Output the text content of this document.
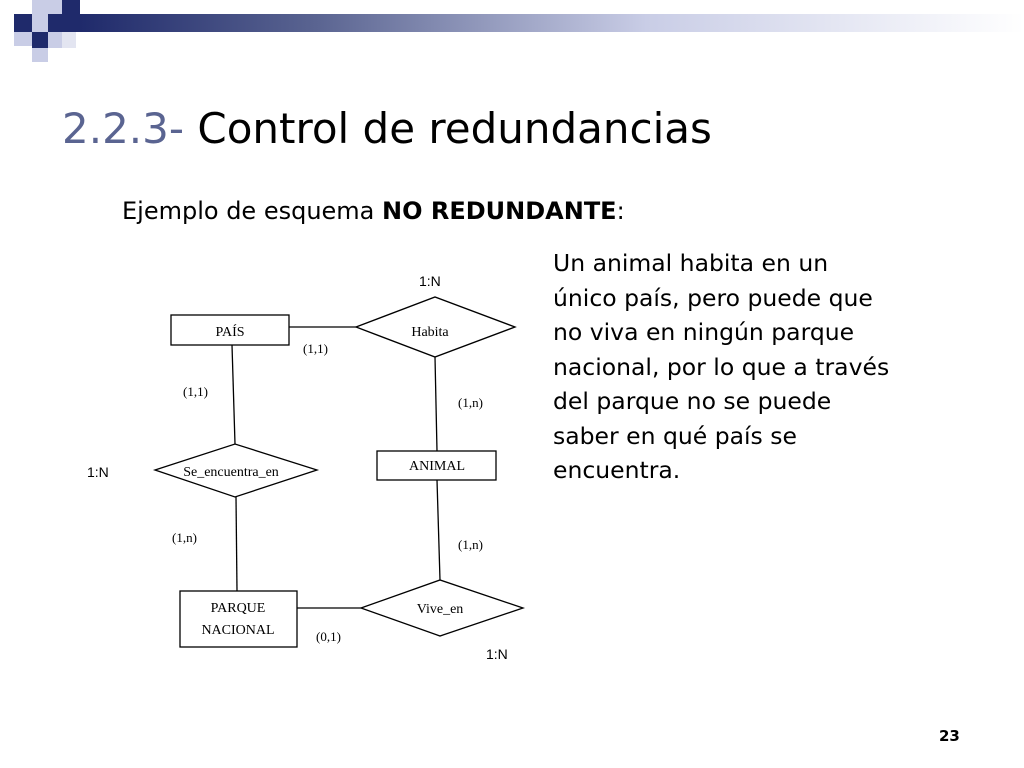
2.2.3- Control de redundancias
Ejemplo de esquema NO REDUNDANTE:
Un animal habita en un
único país, pero puede que
no viva en ningún parque
nacional, por lo que a través
del parque no se puede
saber en qué país se
encuentra.
PAÍS
ANIMAL
PARQUE
NACIONAL
Habita
Se_encuentra_en
Vive_en
(1,1)
(1,n)
(1,1)
(1,n)	(1,n)
(0,1)
1:N
1:N
1:N
23
